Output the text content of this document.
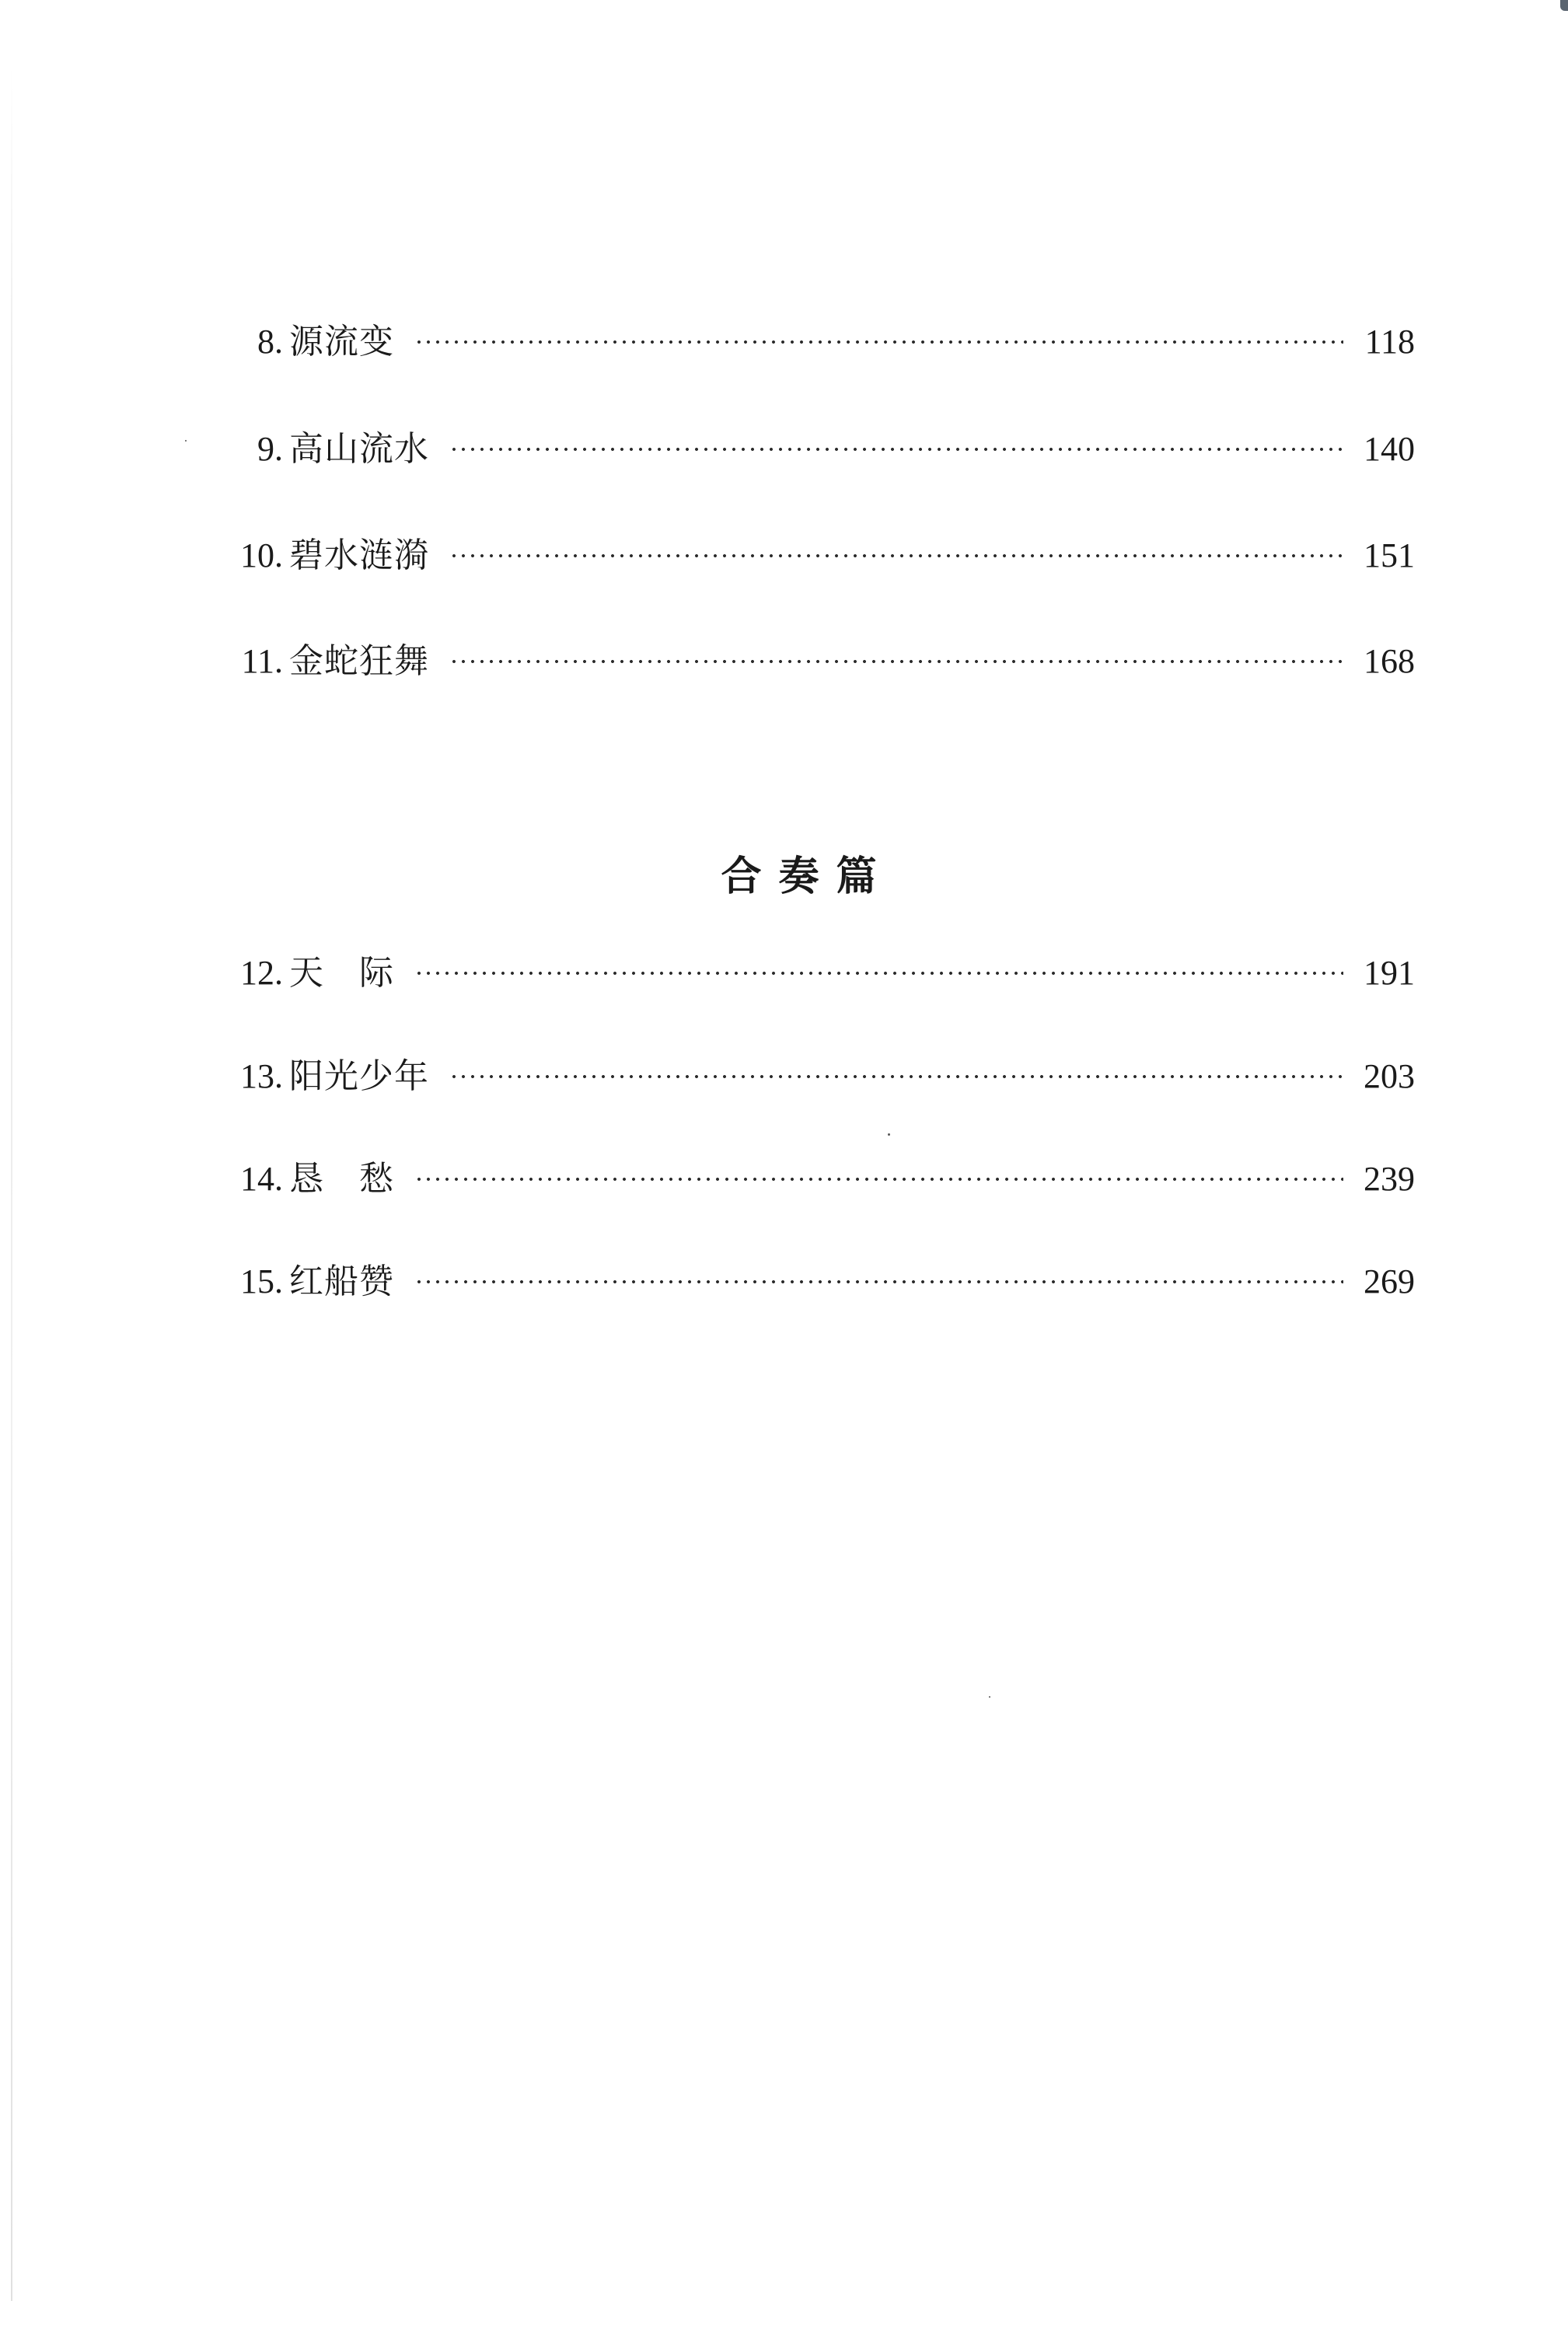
8. 源流变	118
9. 高山流水	140
10. 碧水涟漪	151
11. 金蛇狂舞	168
合奏篇
12. 天　际	191
13. 阳光少年	203
14. 恳　愁	239
15. 红船赞	269
